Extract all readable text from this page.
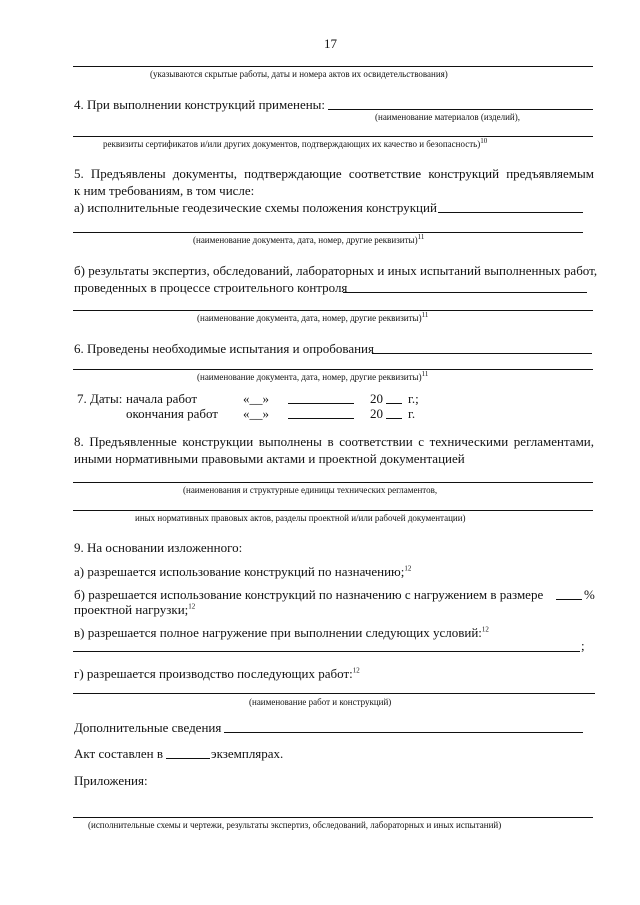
17
(указываются скрытые работы, даты и номера актов их освидетельствования)
4. При выполнении конструкций применены:
(наименование материалов (изделий),
реквизиты сертификатов и/или других документов, подтверждающих их качество и безопасность)$^{10}$
5. Предъявлены документы, подтверждающие соответствие конструкций предъявляемым
к ним требованиям, в том числе:
а) исполнительные геодезические схемы положения конструкций
(наименование документа, дата, номер, другие реквизиты)$^{11}$
б) результаты экспертиз, обследований, лабораторных и иных испытаний выполненных работ,
проведенных в процессе строительного контроля
(наименование документа, дата, номер, другие реквизиты)$^{11}$
6. Проведены необходимые испытания и опробования
(наименование документа, дата, номер, другие реквизиты)$^{11}$
7. Даты: начала работ	«__»	20 г.;
окончания работ «__»	20 г.
8. Предъявленные конструкции выполнены в соответствии с техническими регламентами,
иными нормативными правовыми актами и проектной документацией
(наименования и структурные единицы технических регламентов,
иных нормативных правовых актов, разделы проектной и/или рабочей документации)
9. На основании изложенного:
а) разрешается использование конструкций по назначению;$^{12}$
б) разрешается использование конструкций по назначению с нагружением в размере	%
проектной нагрузки;$^{12}$
в) разрешается полное нагружение при выполнении следующих условий:$^{12}$
;
г) разрешается производство последующих работ:$^{12}$
(наименование работ и конструкций)
Дополнительные сведения
Акт составлен в	экземплярах.
Приложения:
(исполнительные схемы и чертежи, результаты экспертиз, обследований, лабораторных и иных испытаний)
